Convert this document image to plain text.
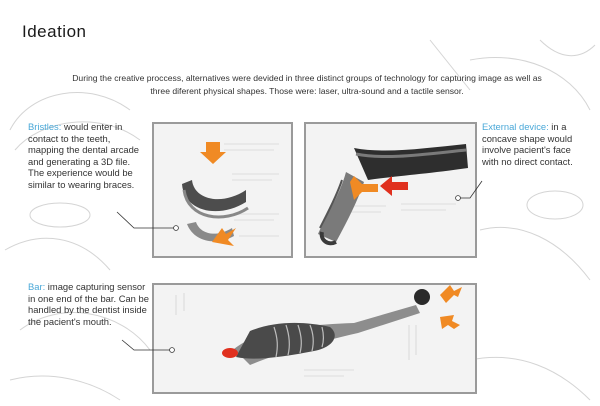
Ideation
During the creative proccess, alternatives were devided in three distinct groups of technology for capturing image as well as three diferent physical shapes. Those were: laser, ultra-sound and a tactile sensor.
Bristles: would enter in contact to the teeth, mapping the dental arcade and generating a 3D file. The experience would be similar to wearing braces.
External device: in a concave shape would involve pacient's face with no direct contact.
Bar: image capturing sensor in one end of the bar. Can be handled by the dentist inside the pacient's mouth.
